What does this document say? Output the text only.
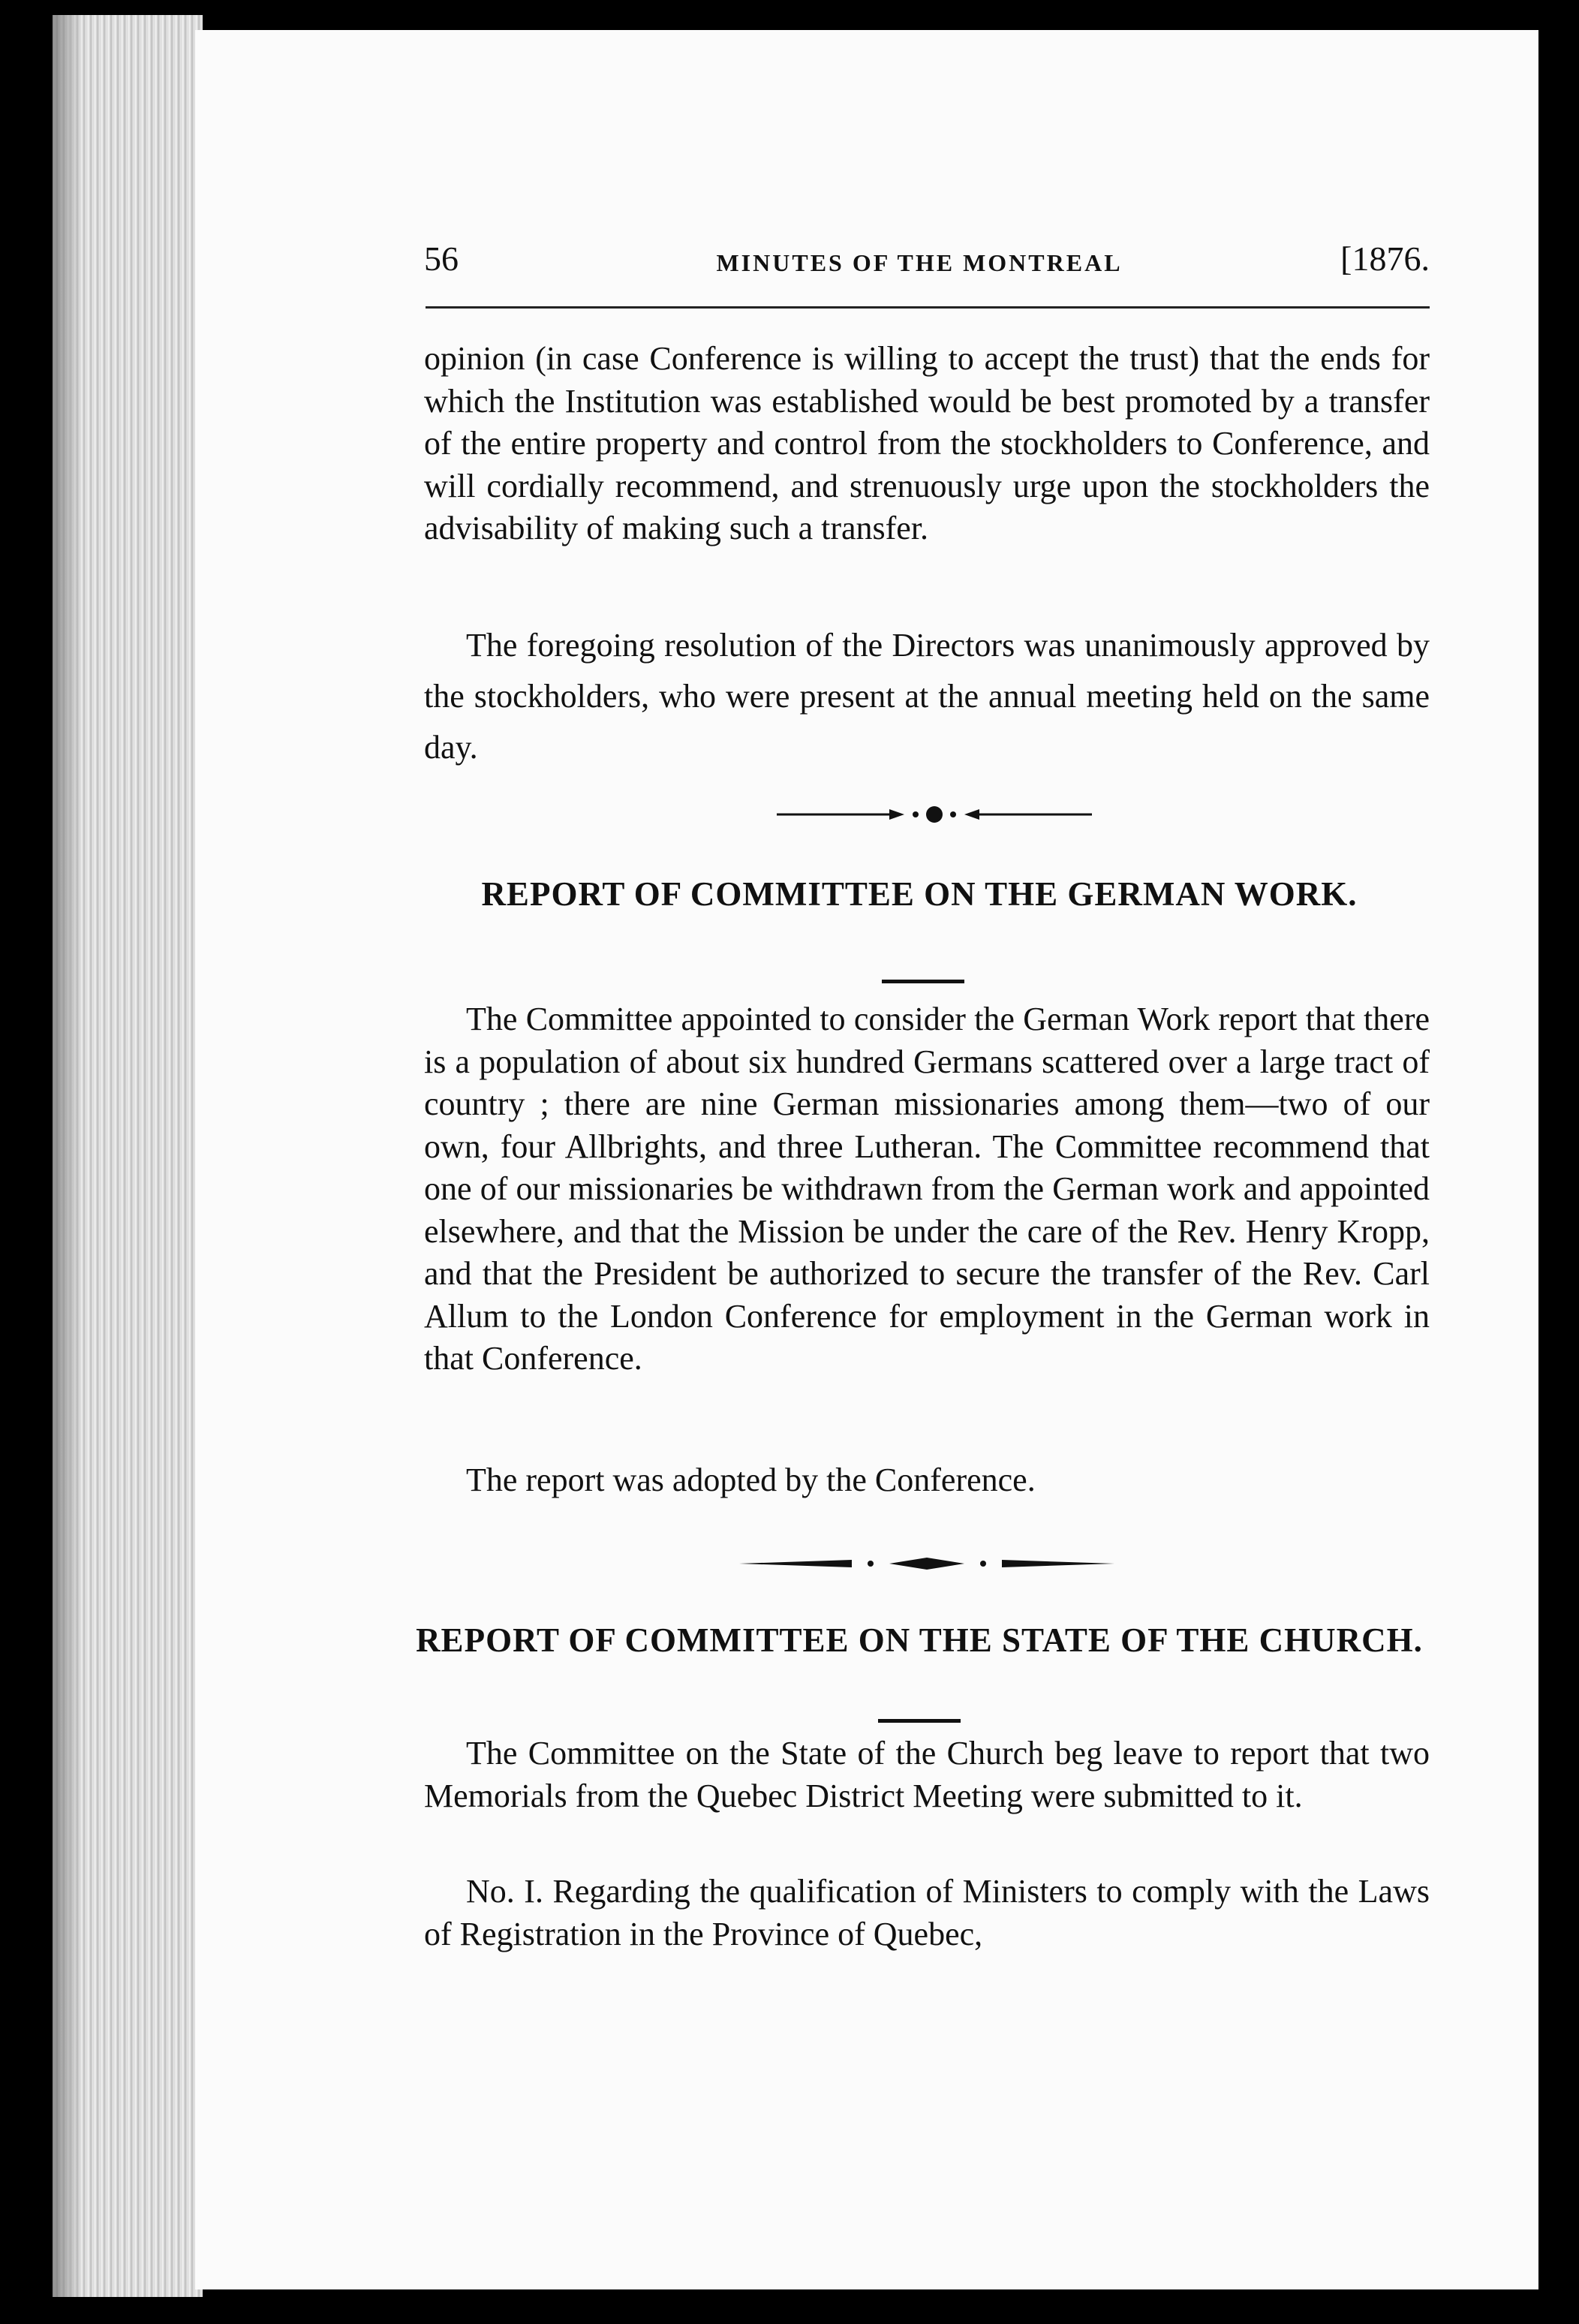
56	MINUTES OF THE MONTREAL	[1876.

opinion (in case Conference is willing to accept the trust) that the ends for which the Institution was established would be best promoted by a transfer of the entire property and control from the stockholders to Conference, and will cordially recommend, and strenuously urge upon the stockholders the advisability of making such a transfer.

The foregoing resolution of the Directors was unanimously approved by the stockholders, who were present at the annual meeting held on the same day.

REPORT OF COMMITTEE ON THE GERMAN WORK.

The Committee appointed to consider the German Work report that there is a population of about six hundred Germans scattered over a large tract of country ; there are nine German missionaries among them—two of our own, four Allbrights, and three Lutheran. The Committee recommend that one of our missionaries be withdrawn from the German work and appointed elsewhere, and that the Mission be under the care of the Rev. Henry Kropp, and that the President be authorized to secure the transfer of the Rev. Carl Allum to the London Conference for employment in the German work in that Conference.

The report was adopted by the Conference.

REPORT OF COMMITTEE ON THE STATE OF THE CHURCH.

The Committee on the State of the Church beg leave to report that two Memorials from the Quebec District Meeting were submitted to it.

No. I. Regarding the qualification of Ministers to comply with the Laws of Registration in the Province of Quebec,
